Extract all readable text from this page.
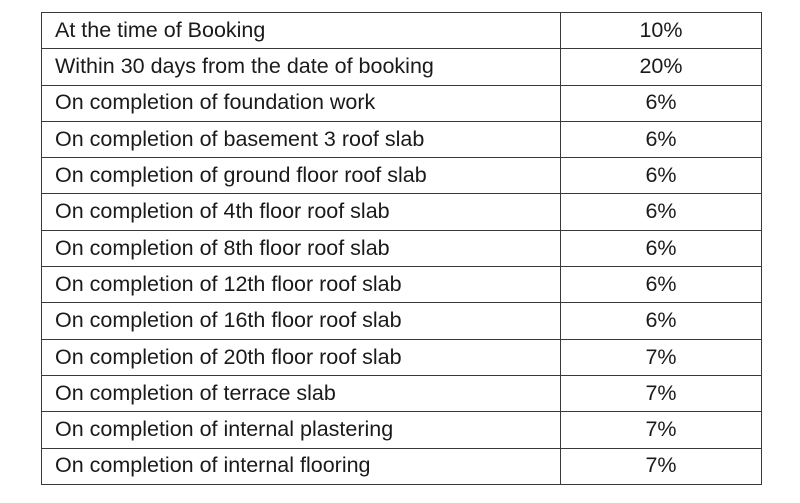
At the time of Booking	10%
Within 30 days from the date of booking	20%
On completion of foundation work	6%
On completion of basement 3 roof slab	6%
On completion of ground floor roof slab	6%
On completion of 4th floor roof slab	6%
On completion of 8th floor roof slab	6%
On completion of 12th floor roof slab	6%
On completion of 16th floor roof slab	6%
On completion of 20th floor roof slab	7%
On completion of terrace slab	7%
On completion of internal plastering	7%
On completion of internal flooring	7%
